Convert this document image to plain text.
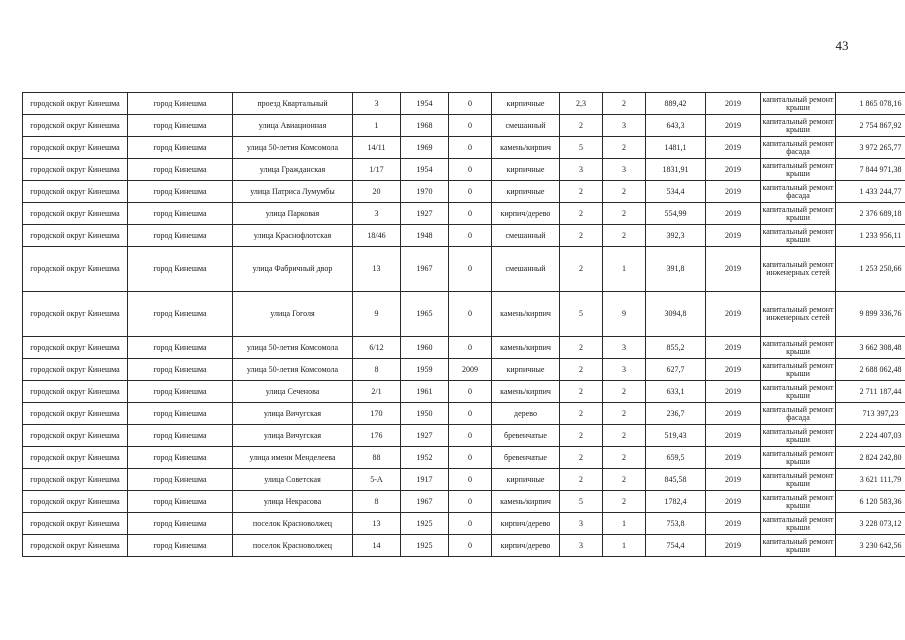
43
городской округ Кинешма	город Кинешма	проезд Квартальный	3	1954	0	кирпичные	2,3	2	889,42	2019	капитальный ремонт крыши	1 865 078,16
городской округ Кинешма	город Кинешма	улица Авиационная	1	1968	0	смешанный	2	3	643,3	2019	капитальный ремонт крыши	2 754 867,92
городской округ Кинешма	город Кинешма	улица 50-летия Комсомола	14/11	1969	0	камень/кирпич	5	2	1481,1	2019	капитальный ремонт фасада	3 972 265,77
городской округ Кинешма	город Кинешма	улица Гражданская	1/17	1954	0	кирпичные	3	3	1831,91	2019	капитальный ремонт крыши	7 844 971,38
городской округ Кинешма	город Кинешма	улица Патриса Лумумбы	20	1970	0	кирпичные	2	2	534,4	2019	капитальный ремонт фасада	1 433 244,77
городской округ Кинешма	город Кинешма	улица Парковая	3	1927	0	кирпич/дерево	2	2	554,99	2019	капитальный ремонт крыши	2 376 689,18
городской округ Кинешма	город Кинешма	улица Краснофлотская	18/46	1948	0	смешанный	2	2	392,3	2019	капитальный ремонт крыши	1 233 956,11
городской округ Кинешма	город Кинешма	улица Фабричный двор	13	1967	0	смешанный	2	1	391,8	2019	капитальный ремонт инженерных сетей	1 253 250,66
городской округ Кинешма	город Кинешма	улица Гоголя	9	1965	0	камень/кирпич	5	9	3094,8	2019	капитальный ремонт инженерных сетей	9 899 336,76
городской округ Кинешма	город Кинешма	улица 50-летия Комсомола	6/12	1960	0	камень/кирпич	2	3	855,2	2019	капитальный ремонт крыши	3 662 308,48
городской округ Кинешма	город Кинешма	улица 50-летия Комсомола	8	1959	2009	кирпичные	2	3	627,7	2019	капитальный ремонт крыши	2 688 062,48
городской округ Кинешма	город Кинешма	улица Сеченова	2/1	1961	0	камень/кирпич	2	2	633,1	2019	капитальный ремонт крыши	2 711 187,44
городской округ Кинешма	город Кинешма	улица Вичугская	170	1950	0	дерево	2	2	236,7	2019	капитальный ремонт фасада	713 397,23
городской округ Кинешма	город Кинешма	улица Вичугская	176	1927	0	бревенчатые	2	2	519,43	2019	капитальный ремонт крыши	2 224 407,03
городской округ Кинешма	город Кинешма	улица имени Менделеева	88	1952	0	бревенчатые	2	2	659,5	2019	капитальный ремонт крыши	2 824 242,80
городской округ Кинешма	город Кинешма	улица Советская	5-А	1917	0	кирпичные	2	2	845,58	2019	капитальный ремонт крыши	3 621 111,79
городской округ Кинешма	город Кинешма	улица Некрасова	8	1967	0	камень/кирпич	5	2	1782,4	2019	капитальный ремонт крыши	6 120 583,36
городской округ Кинешма	город Кинешма	поселок Красноволжец	13	1925	0	кирпич/дерево	3	1	753,8	2019	капитальный ремонт крыши	3 228 073,12
городской округ Кинешма	город Кинешма	поселок Красноволжец	14	1925	0	кирпич/дерево	3	1	754,4	2019	капитальный ремонт крыши	3 230 642,56
